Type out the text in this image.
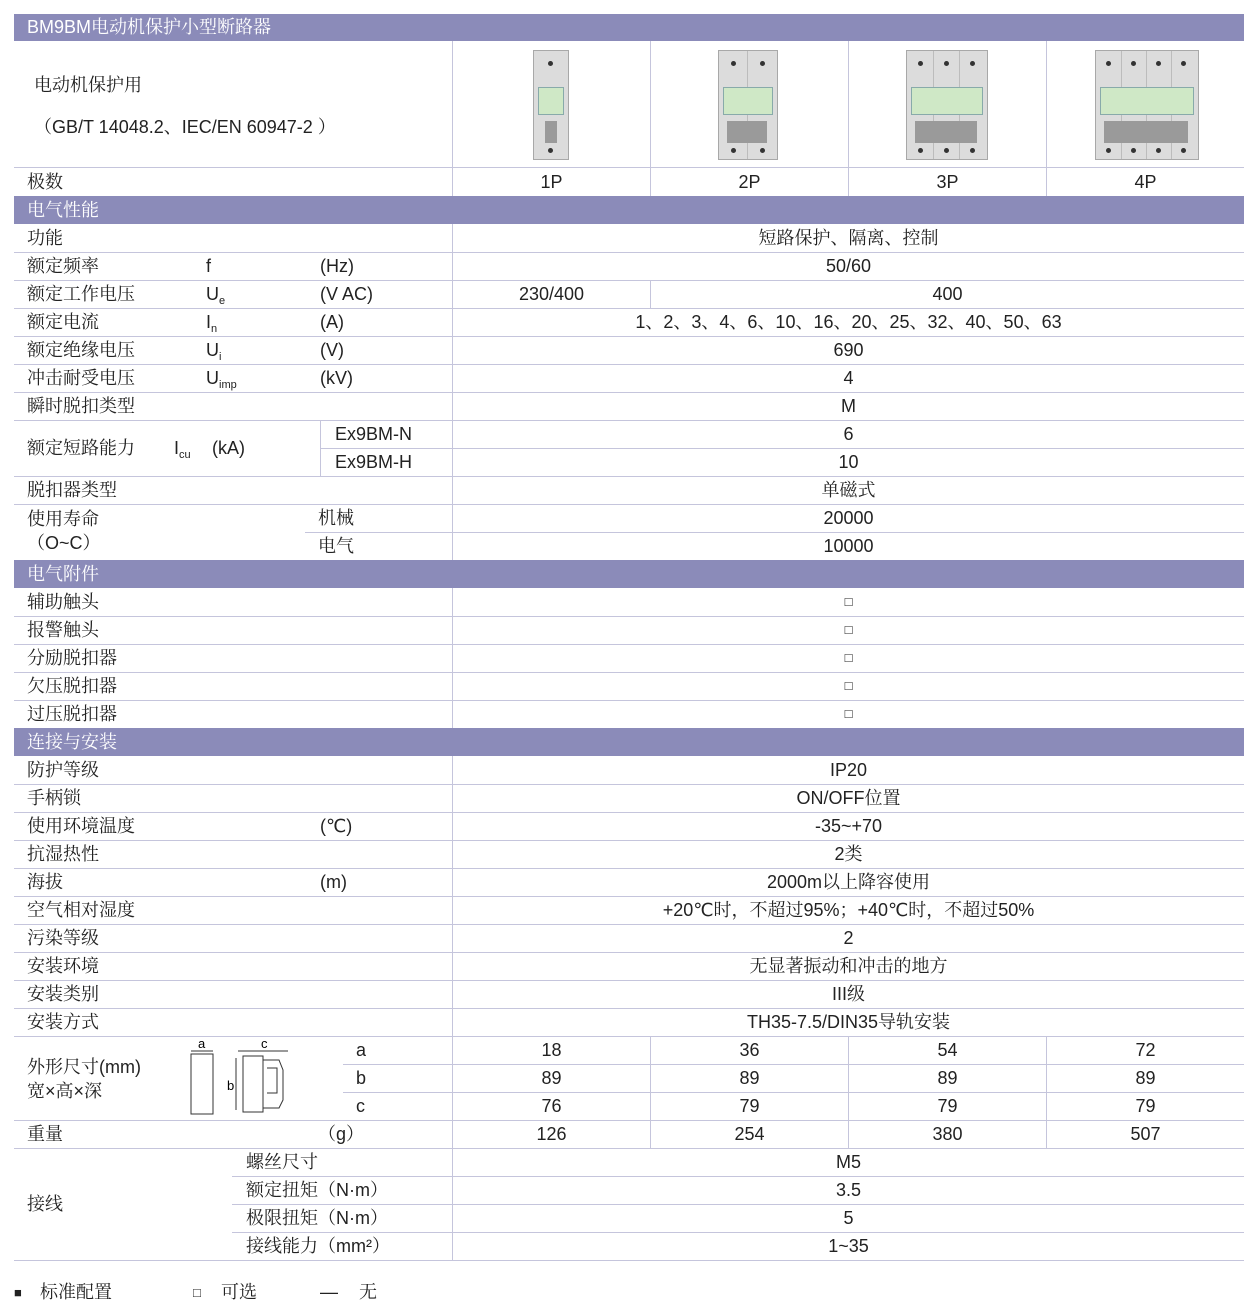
BM9BM电动机保护小型断路器
电动机保护用
（GB/T 14048.2、IEC/EN 60947-2 ）
极数	1P	2P	3P	4P
电气性能
功能	短路保护、隔离、控制
额定频率	f	(Hz)	50/60
额定工作电压	$U_e$	(V AC)	230/400	400
额定电流	$I_n$	(A)	1、2、3、4、6、10、16、20、25、32、40、50、63
额定绝缘电压	$U_i$	(V)	690
冲击耐受电压	$U_{imp}$	(kV)	4
瞬时脱扣类型	M
额定短路能力 $I_{cu}$ (kA)
Ex9BM-N	6
Ex9BM-H	10
脱扣器类型	单磁式
使用寿命
（O~C）
机械	20000
电气	10000
电气附件
辅助触头	□
报警触头	□
分励脱扣器	□
欠压脱扣器	□
过压脱扣器	□
连接与安装
防护等级	IP20
手柄锁	ON/OFF位置
使用环境温度	(℃)	-35~+70
抗湿热性	2类
海拔	(m)	2000m以上降容使用
空气相对湿度	+20℃时，不超过95%；+40℃时，不超过50%
污染等级	2
安装环境	无显著振动和冲击的地方
安装类别	III级
安装方式	TH35-7.5/DIN35导轨安装
外形尺寸(mm)
宽×高×深
a	c
b
a	18	36	54	72
b	89	89	89	89
c	76	79	79	79
重量	（g）	126	254	380	507
接线
螺丝尺寸	M5
额定扭矩（N·m）	3.5
极限扭矩（N·m）	5
接线能力（mm²）	1~35
■ 标准配置	□ 可选	— 无
